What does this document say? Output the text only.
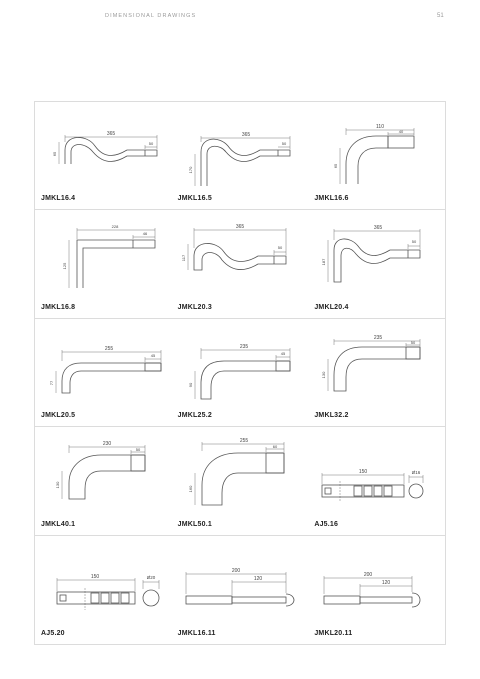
DIMENSIONAL DRAWINGS	51
365
50
65
JMKL16.4
365
50
170
JMKL16.5
110
40
65
JMKL16.6
228
46
125
JMKL16.8
365
50
117
JMKL20.3
365
50
187
JMKL20.4
255
45
77
JMKL20.5
235
45
90
JMKL25.2
235
50
130
JMKL32.2
230
50
130
JMKL40.1
255
60
160
JMKL50.1
150	Ø16
AJ5.16
150	Ø20
AJ5.20
200
120
JMKL16.11
200
120
JMKL20.11
